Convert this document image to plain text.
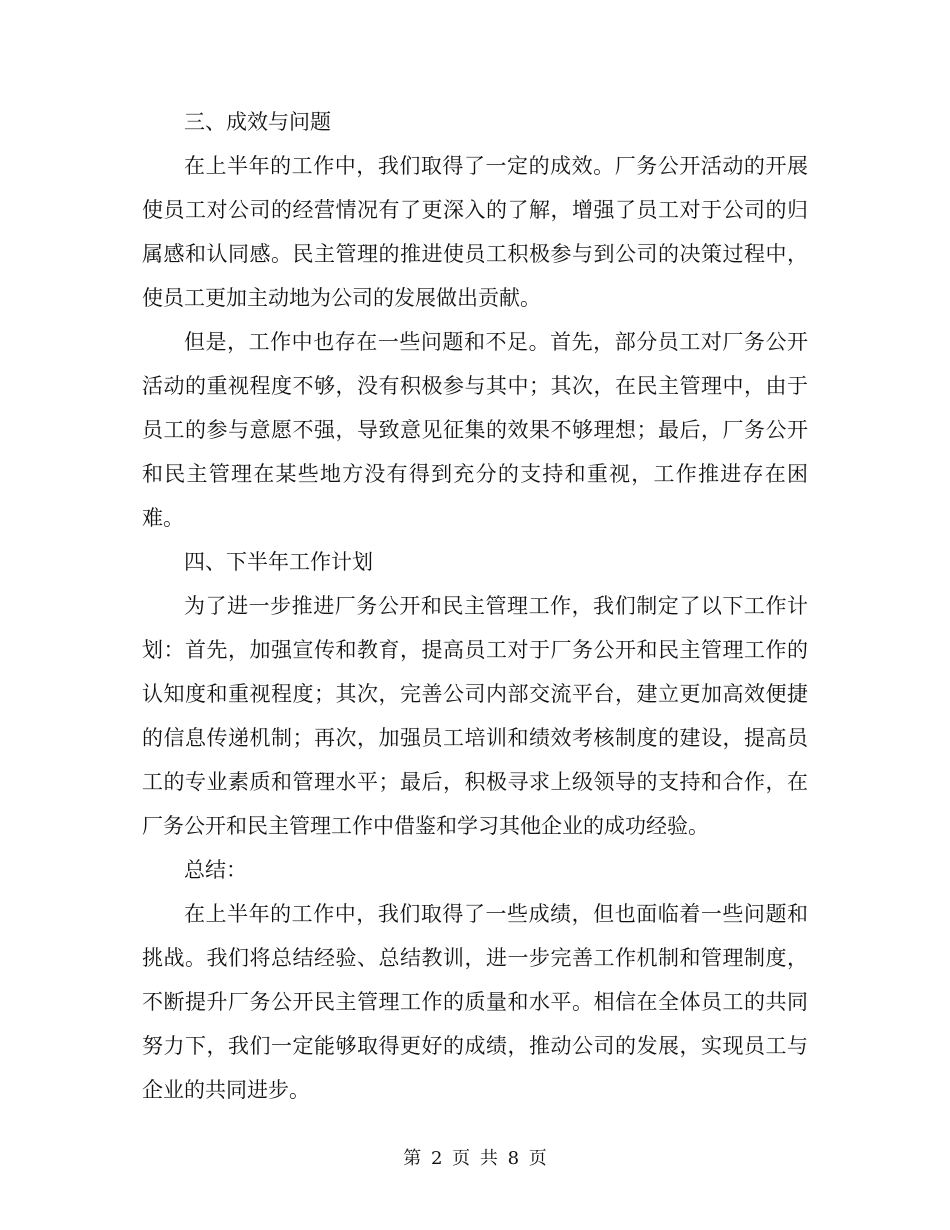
三、成效与问题

在上半年的工作中，我们取得了一定的成效。厂务公开活动的开展使员工对公司的经营情况有了更深入的了解，增强了员工对于公司的归属感和认同感。民主管理的推进使员工积极参与到公司的决策过程中，使员工更加主动地为公司的发展做出贡献。

但是，工作中也存在一些问题和不足。首先，部分员工对厂务公开活动的重视程度不够，没有积极参与其中；其次，在民主管理中，由于员工的参与意愿不强，导致意见征集的效果不够理想；最后，厂务公开和民主管理在某些地方没有得到充分的支持和重视，工作推进存在困难。

四、下半年工作计划

为了进一步推进厂务公开和民主管理工作，我们制定了以下工作计划：首先，加强宣传和教育，提高员工对于厂务公开和民主管理工作的认知度和重视程度；其次，完善公司内部交流平台，建立更加高效便捷的信息传递机制；再次，加强员工培训和绩效考核制度的建设，提高员工的专业素质和管理水平；最后，积极寻求上级领导的支持和合作，在厂务公开和民主管理工作中借鉴和学习其他企业的成功经验。

总结：

在上半年的工作中，我们取得了一些成绩，但也面临着一些问题和挑战。我们将总结经验、总结教训，进一步完善工作机制和管理制度，不断提升厂务公开民主管理工作的质量和水平。相信在全体员工的共同努力下，我们一定能够取得更好的成绩，推动公司的发展，实现员工与企业的共同进步。

第 2 页 共 8 页
